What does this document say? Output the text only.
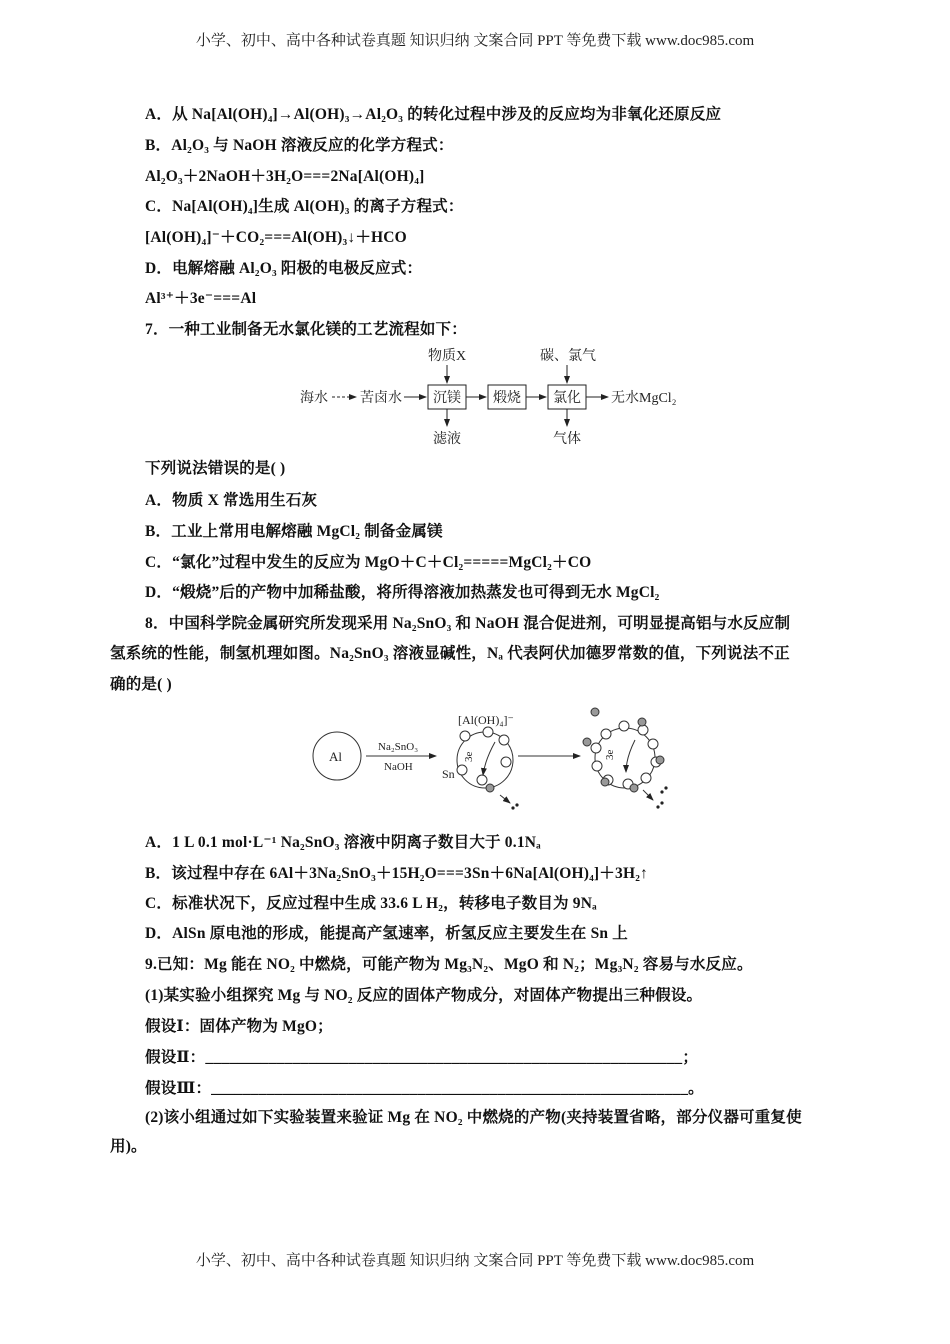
小学、初中、高中各种试卷真题 知识归纳 文案合同 PPT 等免费下载 www.doc985.com
A．从 Na[Al(OH)₄]→Al(OH)₃→Al₂O₃ 的转化过程中涉及的反应均为非氧化还原反应
B．Al₂O₃ 与 NaOH 溶液反应的化学方程式：
Al₂O₃＋2NaOH＋3H₂O===2Na[Al(OH)₄]
C．Na[Al(OH)₄]生成 Al(OH)₃ 的离子方程式：
[Al(OH)₄]⁻＋CO₂===Al(OH)₃↓＋HCO
D．电解熔融 Al₂O₃ 阳极的电极反应式：
Al³⁺＋3e⁻===Al
7．一种工业制备无水氯化镁的工艺流程如下：
海水 苦卤水 沉镁
物质X
滤液
煅烧 氯化
碳、氯气
气体
无水MgCl₂
下列说法错误的是( )
A．物质 X 常选用生石灰
B．工业上常用电解熔融 MgCl₂ 制备金属镁
C．“氯化”过程中发生的反应为 MgO＋C＋Cl₂=====MgCl₂＋CO
D．“煅烧”后的产物中加稀盐酸，将所得溶液加热蒸发也可得到无水 MgCl₂
8．中国科学院金属研究所发现采用 Na₂SnO₃ 和 NaOH 混合促进剂，可明显提高铝与水反应制
氢系统的性能，制氢机理如图。Na₂SnO₃ 溶液显碱性，Nₐ 代表阿伏加德罗常数的值，下列说法不正
确的是( )
Al
Na₂SnO₃
NaOH
[Al(OH)₄]⁻
Sn
3e	3e
A．1 L 0.1 mol·L⁻¹ Na₂SnO₃ 溶液中阴离子数目大于 0.1Nₐ
B．该过程中存在 6Al＋3Na₂SnO₃＋15H₂O===3Sn＋6Na[Al(OH)₄]＋3H₂↑
C．标准状况下，反应过程中生成 33.6 L H₂，转移电子数目为 9Nₐ
D．AlSn 原电池的形成，能提高产氢速率，析氢反应主要发生在 Sn 上
9.已知：Mg 能在 NO₂ 中燃烧，可能产物为 Mg₃N₂、MgO 和 N₂；Mg₃N₂ 容易与水反应。
(1)某实验小组探究 Mg 与 NO₂ 反应的固体产物成分，对固体产物提出三种假设。
假设Ⅰ：固体产物为 MgO；
假设Ⅱ：____________________________________________________________；
假设Ⅲ：____________________________________________________________。
(2)该小组通过如下实验装置来验证 Mg 在 NO₂ 中燃烧的产物(夹持装置省略，部分仪器可重复使
用)。
小学、初中、高中各种试卷真题 知识归纳 文案合同 PPT 等免费下载 www.doc985.com
